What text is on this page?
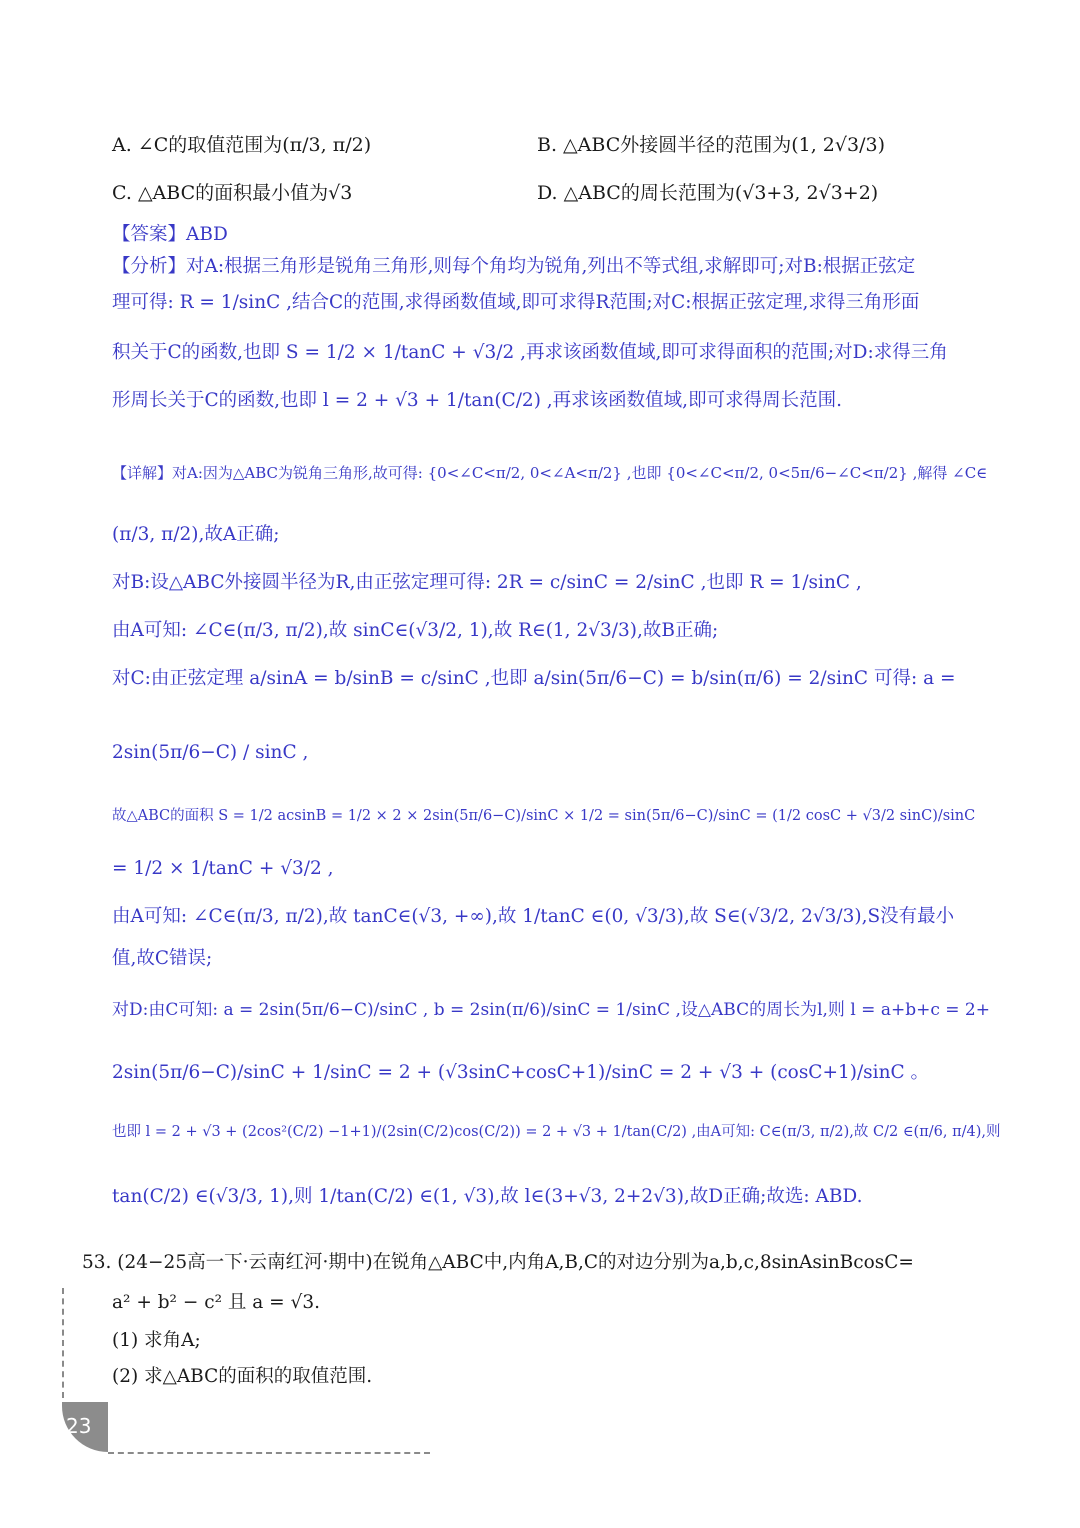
A. ∠C的取值范围为(π/3, π/2)	B. △ABC外接圆半径的范围为(1, 2√3/3)
C. △ABC的面积最小值为√3	D. △ABC的周长范围为(√3+3, 2√3+2)
【答案】ABD
【分析】对A:根据三角形是锐角三角形,则每个角均为锐角,列出不等式组,求解即可;对B:根据正弦定
理可得: R = 1/sinC ,结合C的范围,求得函数值域,即可求得R范围;对C:根据正弦定理,求得三角形面
积关于C的函数,也即 S = 1/2 × 1/tanC + √3/2 ,再求该函数值域,即可求得面积的范围;对D:求得三角
形周长关于C的函数,也即 l = 2 + √3 + 1/tan(C/2) ,再求该函数值域,即可求得周长范围.
【详解】对A:因为△ABC为锐角三角形,故可得: {0<∠C<π/2, 0<∠A<π/2} ,也即 {0<∠C<π/2, 0<5π/6−∠C<π/2} ,解得 ∠C∈
(π/3, π/2),故A正确;
对B:设△ABC外接圆半径为R,由正弦定理可得: 2R = c/sinC = 2/sinC ,也即 R = 1/sinC ,
由A可知: ∠C∈(π/3, π/2),故 sinC∈(√3/2, 1),故 R∈(1, 2√3/3),故B正确;
对C:由正弦定理 a/sinA = b/sinB = c/sinC ,也即 a/sin(5π/6−C) = b/sin(π/6) = 2/sinC 可得: a =
2sin(5π/6−C) / sinC ,
故△ABC的面积 S = 1/2 acsinB = 1/2 × 2 × 2sin(5π/6−C)/sinC × 1/2 = sin(5π/6−C)/sinC = (1/2 cosC + √3/2 sinC)/sinC
= 1/2 × 1/tanC + √3/2 ,
由A可知: ∠C∈(π/3, π/2),故 tanC∈(√3, +∞),故 1/tanC ∈(0, √3/3),故 S∈(√3/2, 2√3/3),S没有最小
值,故C错误;
对D:由C可知: a = 2sin(5π/6−C)/sinC , b = 2sin(π/6)/sinC = 1/sinC ,设△ABC的周长为l,则 l = a+b+c = 2+
2sin(5π/6−C)/sinC + 1/sinC = 2 + (√3sinC+cosC+1)/sinC = 2 + √3 + (cosC+1)/sinC 。
也即 l = 2 + √3 + (2cos²(C/2) −1+1)/(2sin(C/2)cos(C/2)) = 2 + √3 + 1/tan(C/2) ,由A可知: C∈(π/3, π/2),故 C/2 ∈(π/6, π/4),则
tan(C/2) ∈(√3/3, 1),则 1/tan(C/2) ∈(1, √3),故 l∈(3+√3, 2+2√3),故D正确;故选: ABD.
53. (24−25高一下·云南红河·期中)在锐角△ABC中,内角A,B,C的对边分别为a,b,c,8sinAsinBcosC=
a² + b² − c² 且 a = √3.
(1) 求角A;
(2) 求△ABC的面积的取值范围.
23
